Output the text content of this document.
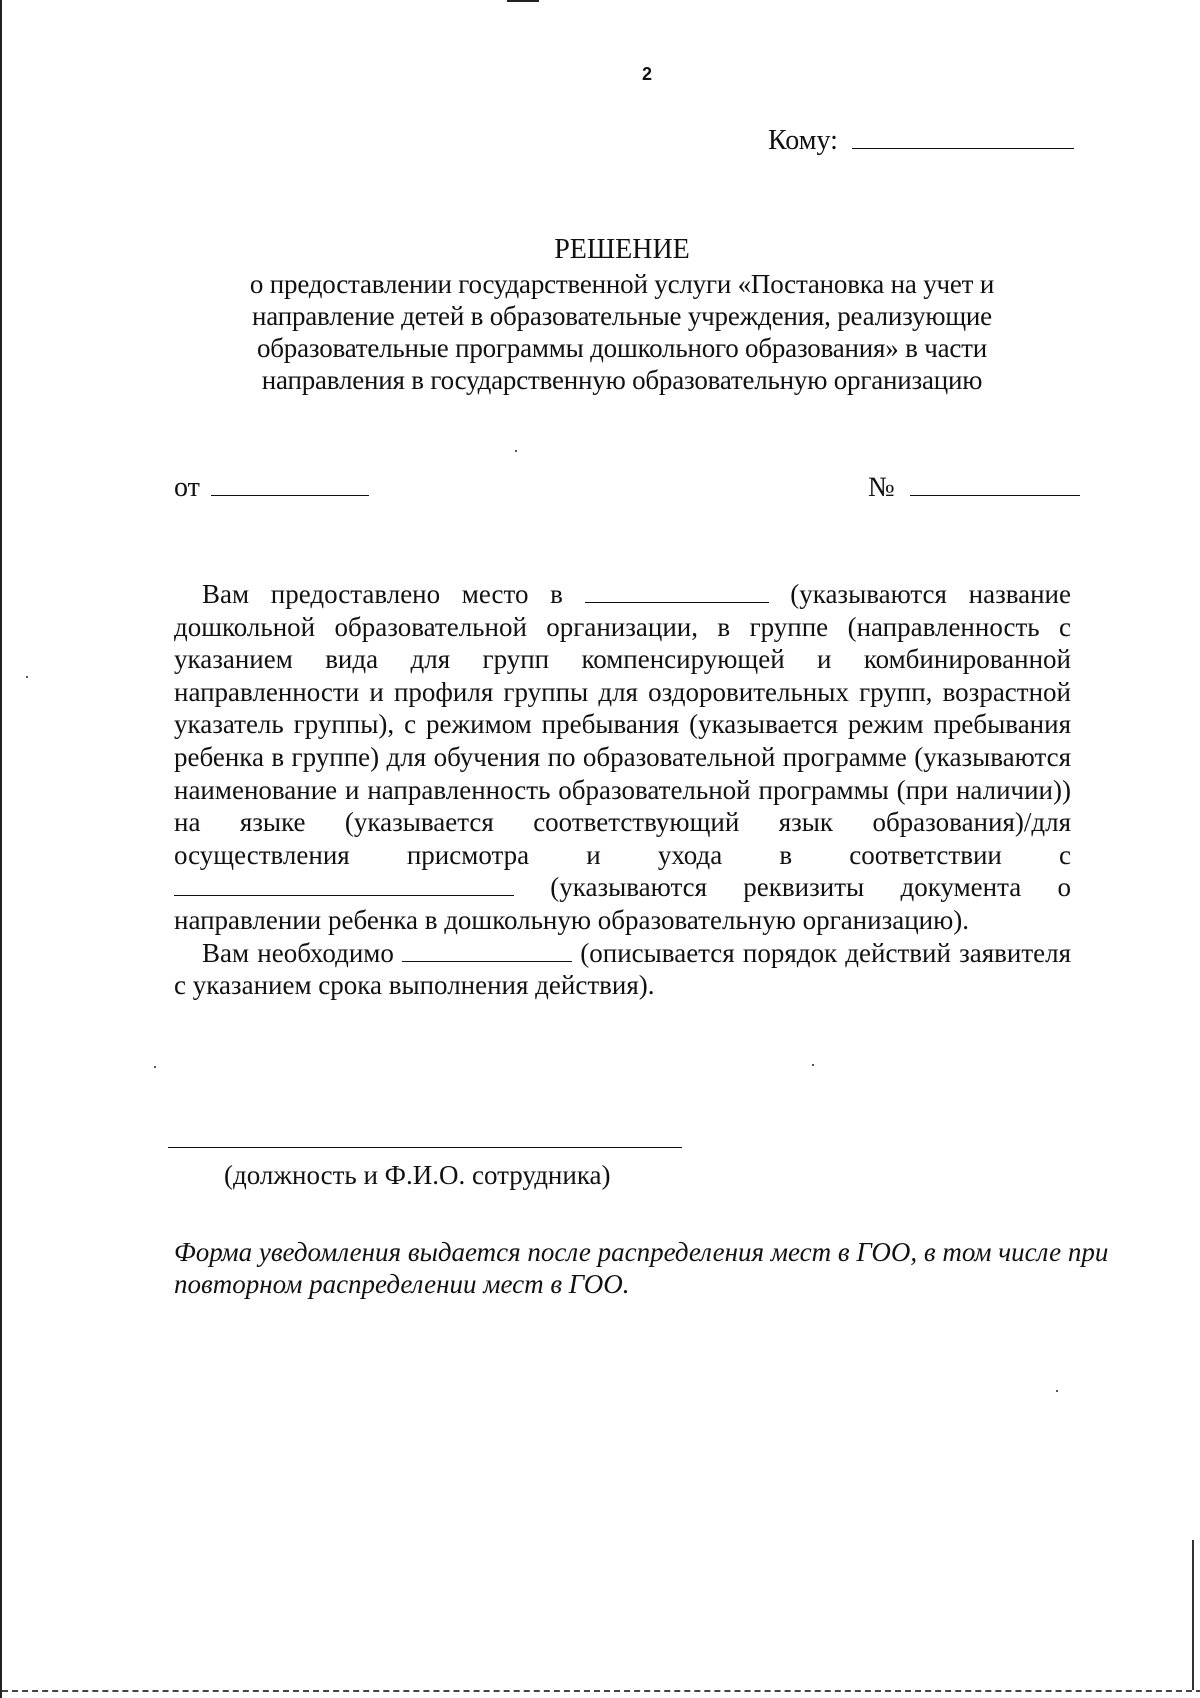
2
Кому:
РЕШЕНИЕ
о предоставлении государственной услуги «Постановка на учет и направление детей в образовательные учреждения, реализующие образовательные программы дошкольного образования» в части направления в государственную образовательную организацию
от	№

Вам предоставлено место в	(указываются название дошкольной образовательной организации, в группе (направленность с указанием вида для групп компенсирующей и комбинированной направленности и профиля группы для оздоровительных групп, возрастной указатель группы), с режимом пребывания (указывается режим пребывания ребенка в группе) для обучения по образовательной программе (указываются наименование и направленность образовательной программы (при наличии)) на языке (указывается соответствующий язык образования)/для осуществления присмотра и ухода в соответствии с  (указываются реквизиты документа о направлении ребенка в дошкольную образовательную организацию).

Вам необходимо	(описывается порядок действий заявителя с указанием срока выполнения действия).

(должность и Ф.И.О. сотрудника)
Форма уведомления выдается после распределения мест в ГОО, в том числе при повторном распределении мест в ГОО.
